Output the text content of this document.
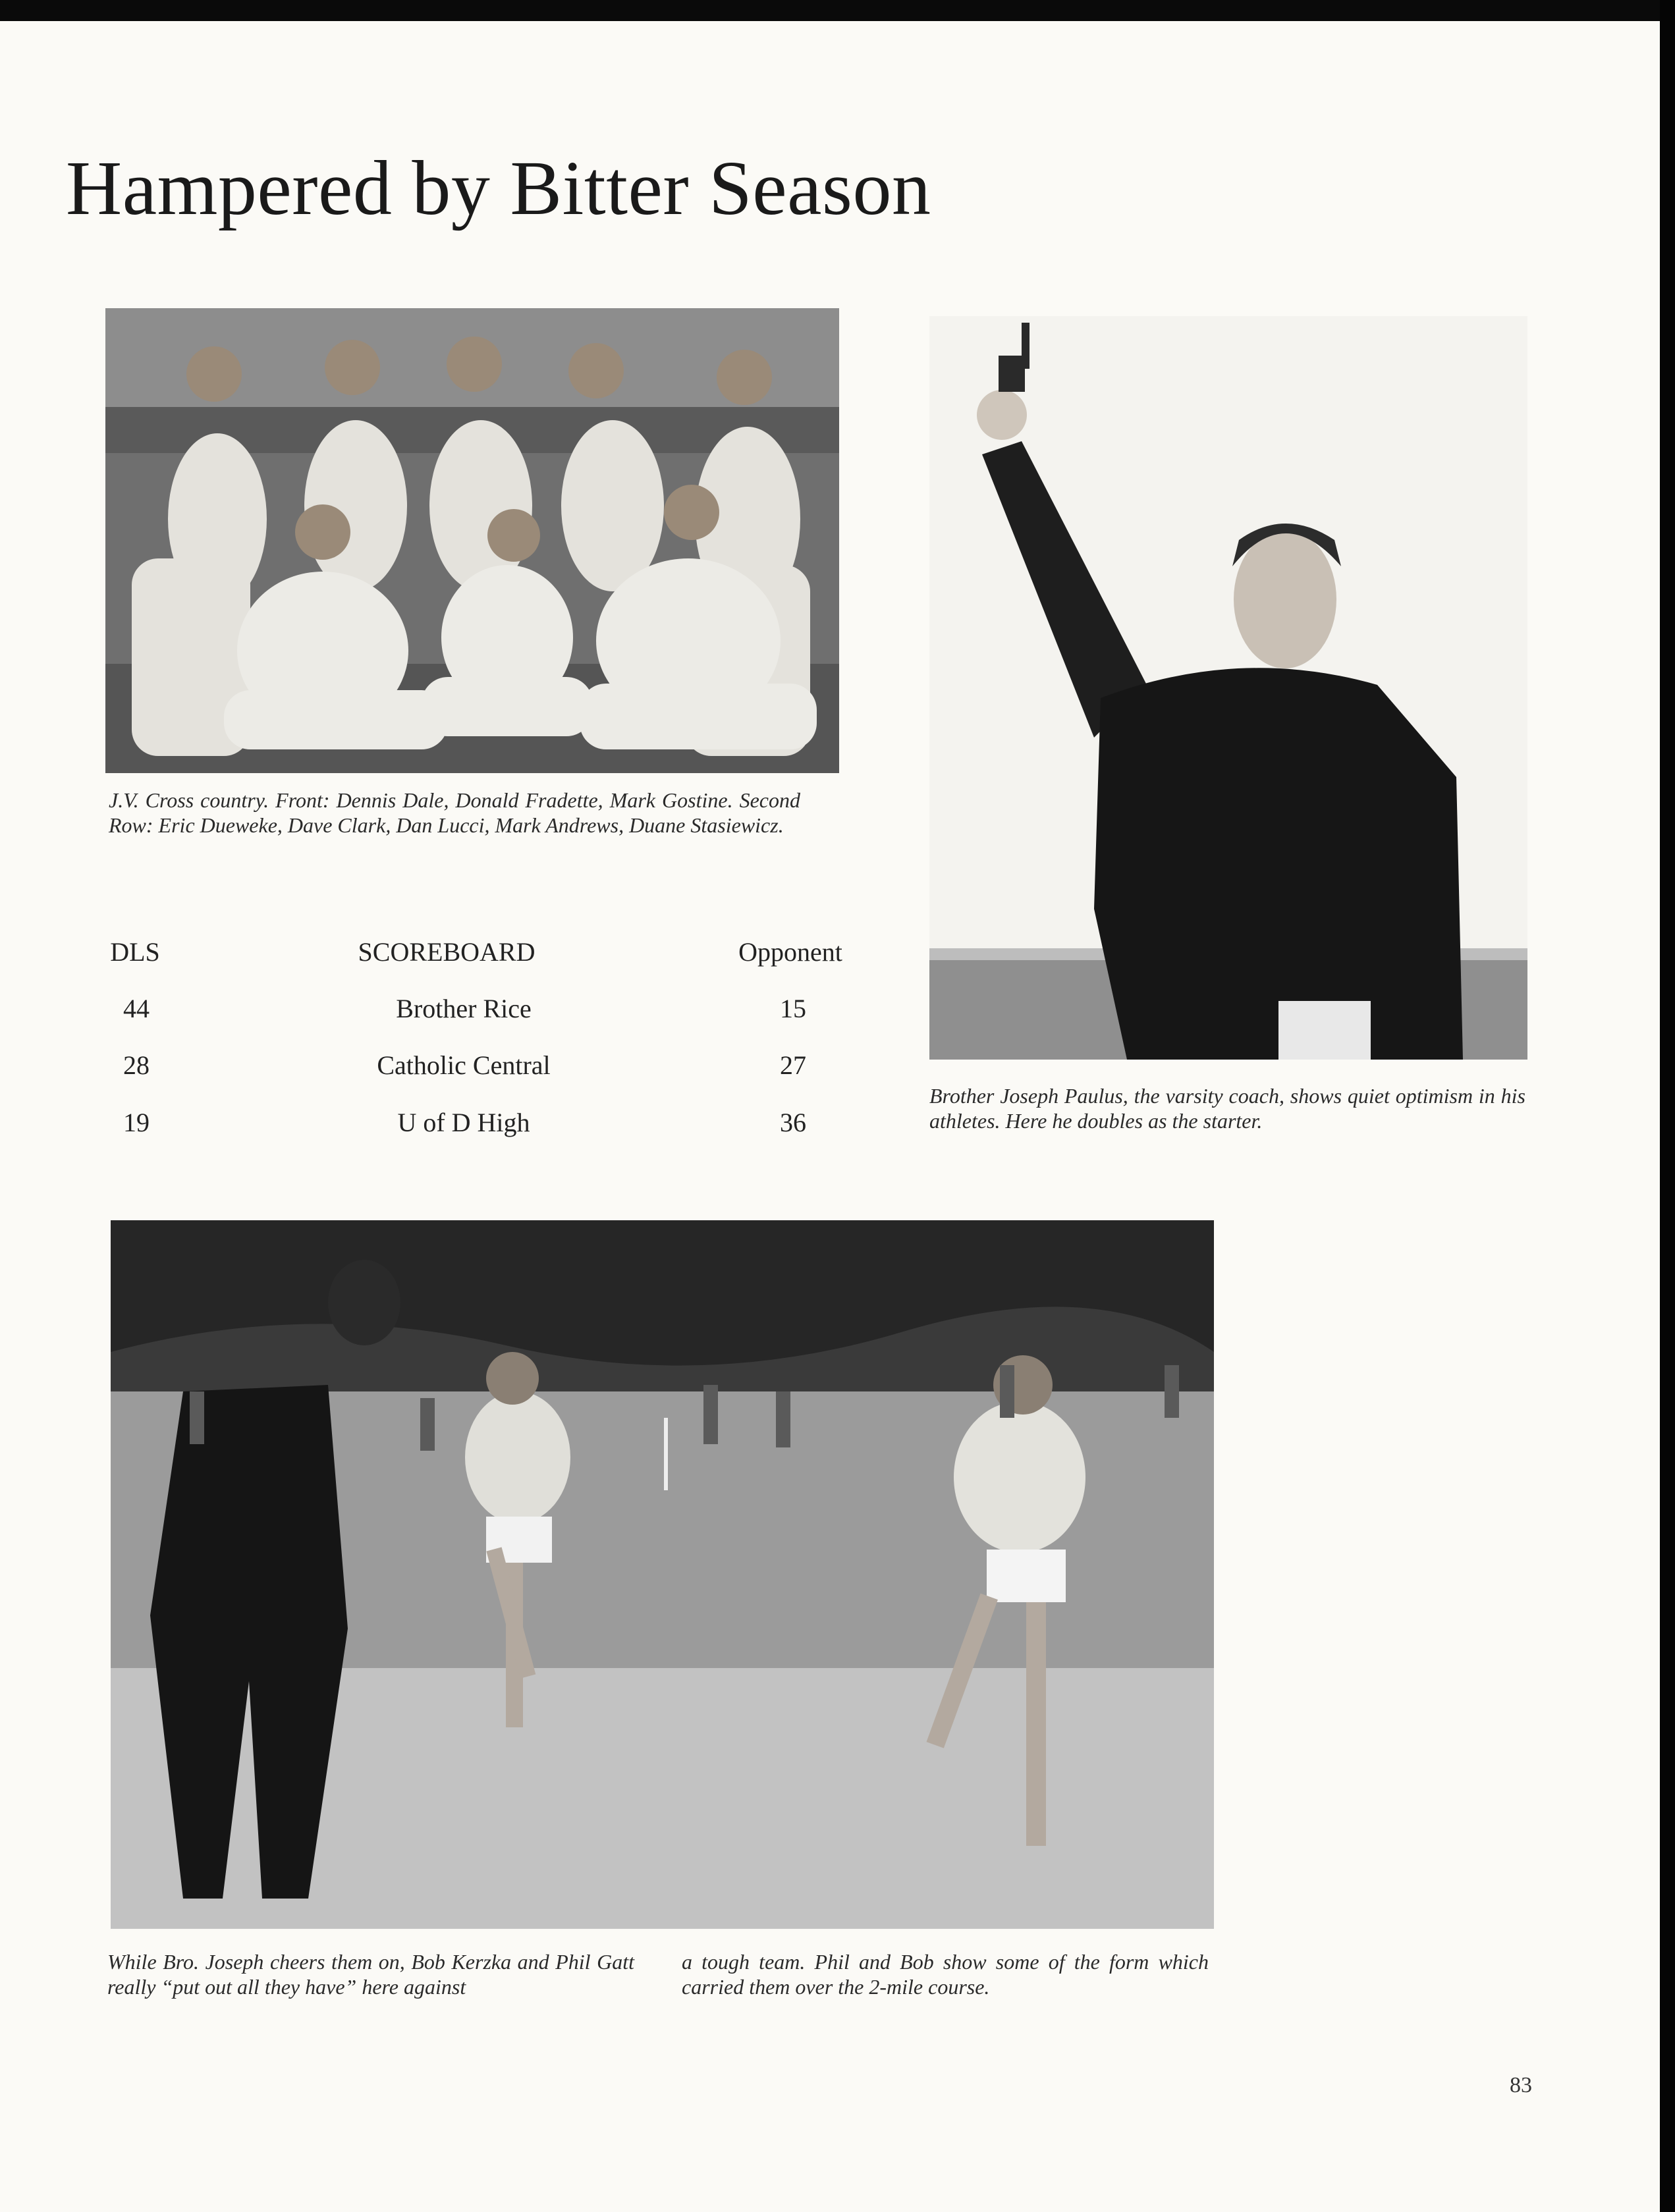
Hampered by Bitter Season

J.V. Cross country. Front: Dennis Dale, Donald Fradette, Mark Gostine. Second Row: Eric Dueweke, Dave Clark, Dan Lucci, Mark Andrews, Duane Stasiewicz.

Brother Joseph Paulus, the varsity coach, shows quiet optimism in his athletes. Here he doubles as the starter.

DLS	SCOREBOARD	Opponent
44	Brother Rice	15
28	Catholic Central	27
19	U of D High	36

While Bro. Joseph cheers them on, Bob Kerzka and Phil Gatt really “put out all they have” here against

a tough team. Phil and Bob show some of the form which carried them over the 2-mile course.

83
